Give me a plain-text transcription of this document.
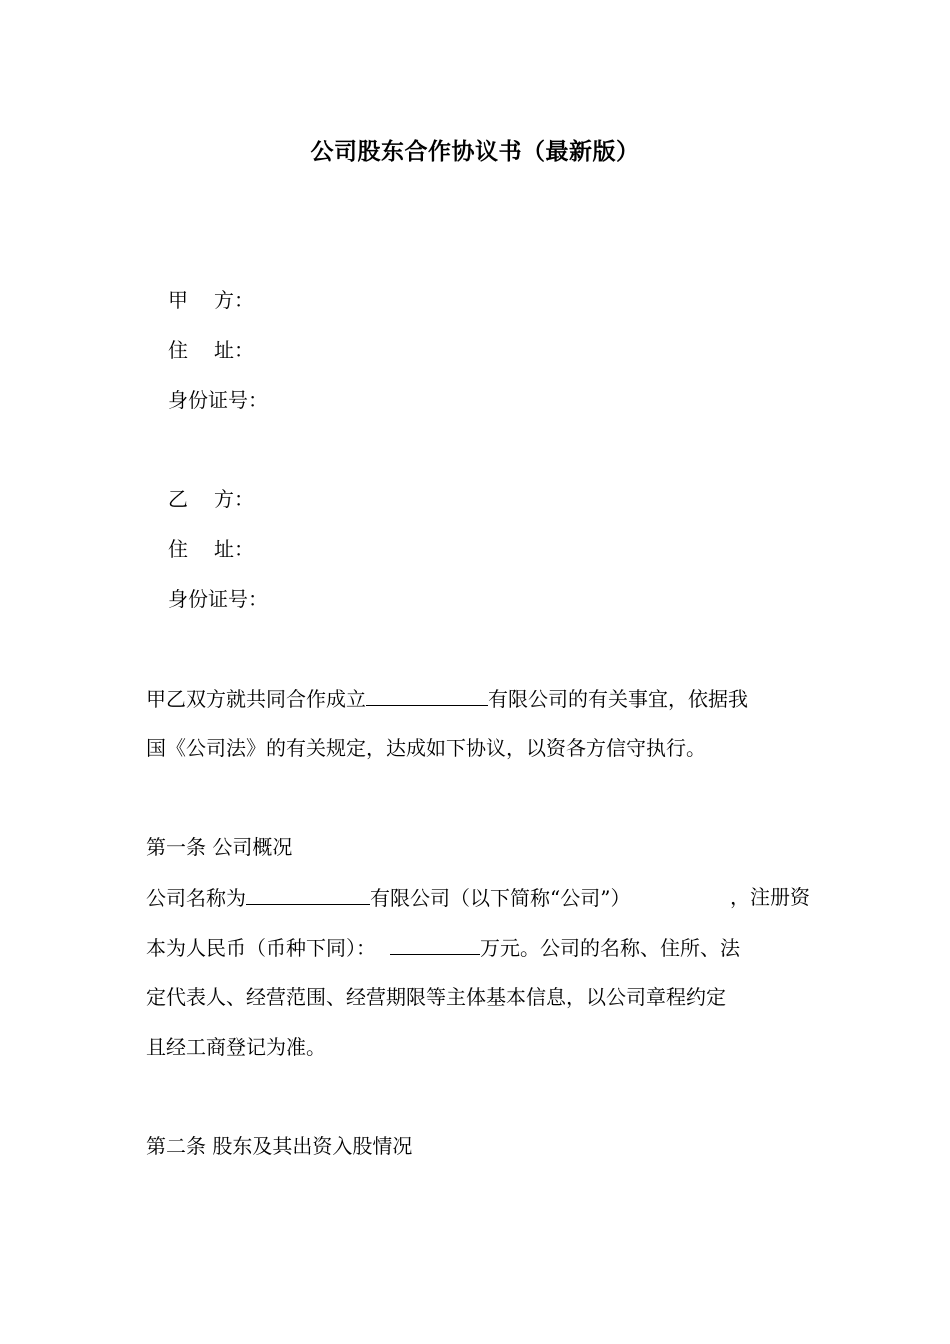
公司股东合作协议书（最新版）
甲 方：
住 址：
身份证号：
乙 方：
住 址：
身份证号：
甲乙双方就共同合作成立	有限公司的有关事宜，依据我
国《公司法》的有关规定，达成如下协议，以资各方信守执行。
第一条 公司概况
公司名称为	有限公司（以下简称“公司”）	，注册资
本为人民币（币种下同）：	万元。公司的名称、住所、法
定代表人、经营范围、经营期限等主体基本信息，以公司章程约定
且经工商登记为准。
第二条 股东及其出资入股情况
